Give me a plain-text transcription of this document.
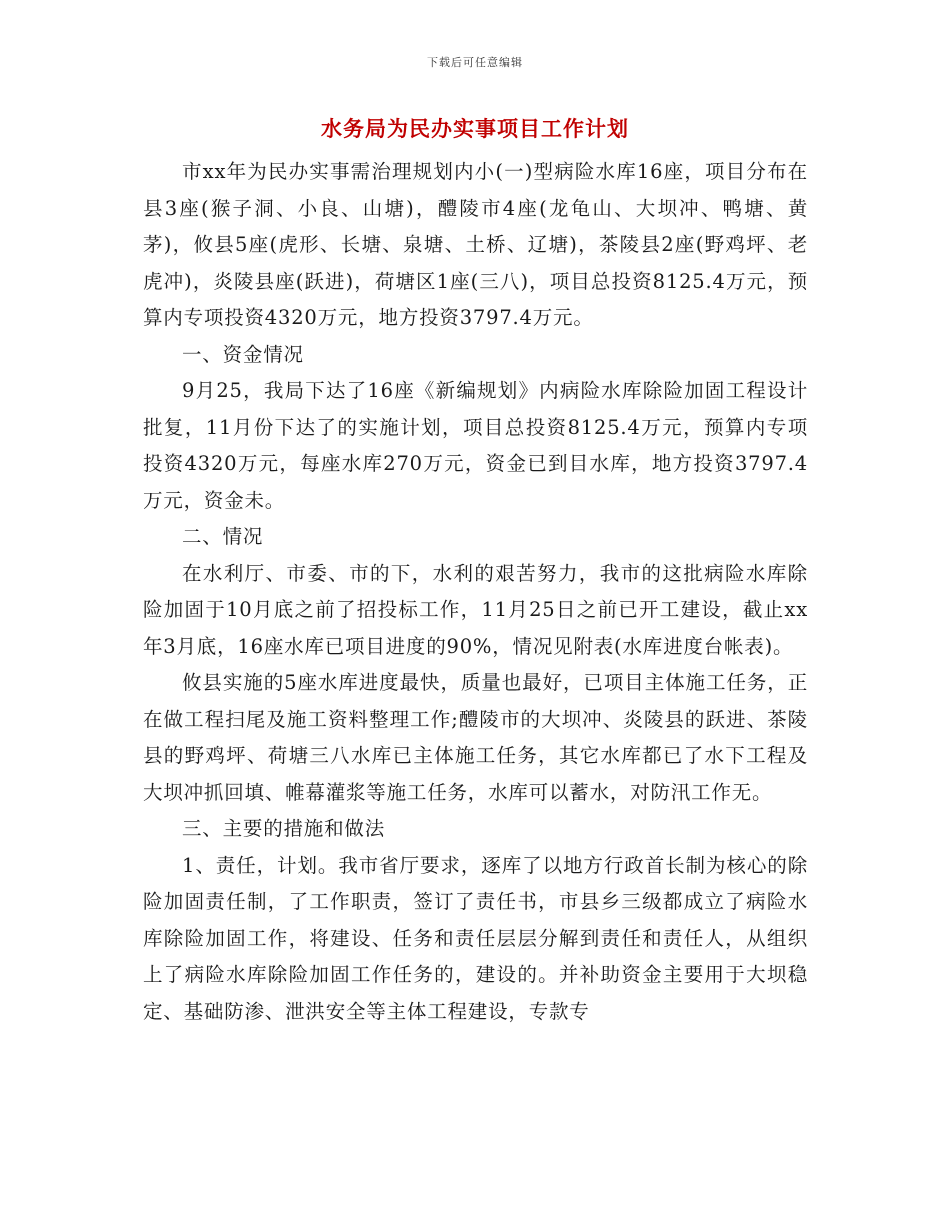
下载后可任意编辑
水务局为民办实事项目工作计划

市xx年为民办实事需治理规划内小(一)型病险水库16座，项目分布在县3座(猴子洞、小良、山塘)，醴陵市4座(龙龟山、大坝冲、鸭塘、黄茅)，攸县5座(虎形、长塘、泉塘、土桥、辽塘)，茶陵县2座(野鸡坪、老虎冲)，炎陵县座(跃进)，荷塘区1座(三八)，项目总投资8125.4万元，预算内专项投资4320万元，地方投资3797.4万元。

一、资金情况

9月25，我局下达了16座《新编规划》内病险水库除险加固工程设计批复，11月份下达了的实施计划，项目总投资8125.4万元，预算内专项投资4320万元，每座水库270万元，资金已到目水库，地方投资3797.4万元，资金未。

二、情况

在水利厅、市委、市的下，水利的艰苦努力，我市的这批病险水库除险加固于10月底之前了招投标工作，11月25日之前已开工建设，截止xx年3月底，16座水库已项目进度的90%，情况见附表(水库进度台帐表)。

攸县实施的5座水库进度最快，质量也最好，已项目主体施工任务，正在做工程扫尾及施工资料整理工作;醴陵市的大坝冲、炎陵县的跃进、茶陵县的野鸡坪、荷塘三八水库已主体施工任务，其它水库都已了水下工程及大坝冲抓回填、帷幕灌浆等施工任务，水库可以蓄水，对防汛工作无。

三、主要的措施和做法

1、责任，计划。我市省厅要求，逐库了以地方行政首长制为核心的除险加固责任制，了工作职责，签订了责任书，市县乡三级都成立了病险水库除险加固工作，将建设、任务和责任层层分解到责任和责任人，从组织上了病险水库除险加固工作任务的，建设的。并补助资金主要用于大坝稳定、基础防渗、泄洪安全等主体工程建设，专款专
